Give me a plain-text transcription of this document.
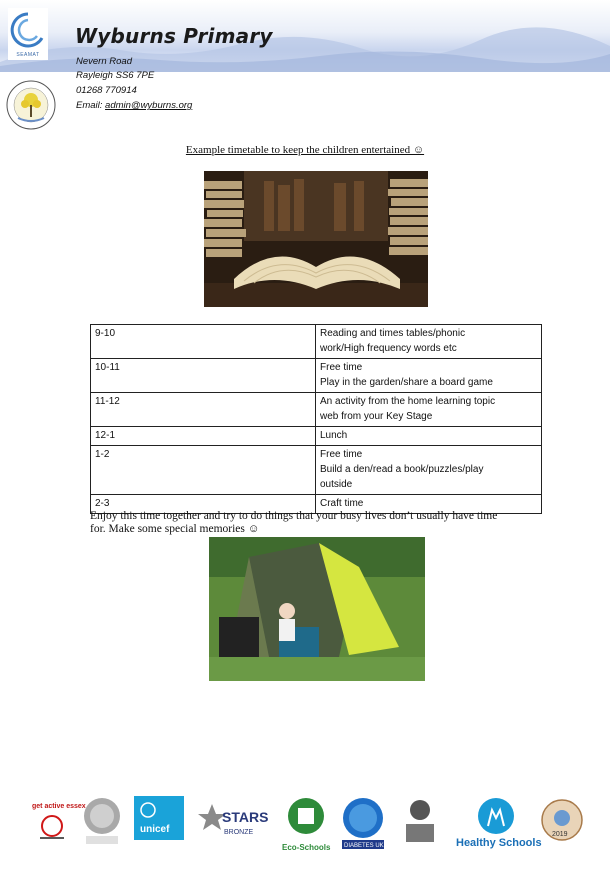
SEAMAT
Wyburns Primary
Nevern Road
Rayleigh SS6 7PE
01268 770914
Email: admin@wyburns.org
Example timetable to keep the children entertained ☺
9-10	Reading and times tables/phonic
work/High frequency words etc

10-11	Free time
Play in the garden/share a board game

11-12	An activity from the home learning topic
web from your Key Stage

12-1	Lunch

1-2	Free time
Build a den/read a book/puzzles/play
outside

2-3	Craft time
Enjoy this time together and try to do things that your busy lives don’t usually have time
for. Make some special memories ☺
get active essex
unicef
STARS
BRONZE
Eco-Schools DIABETES UK	Healthy Schools
2019
